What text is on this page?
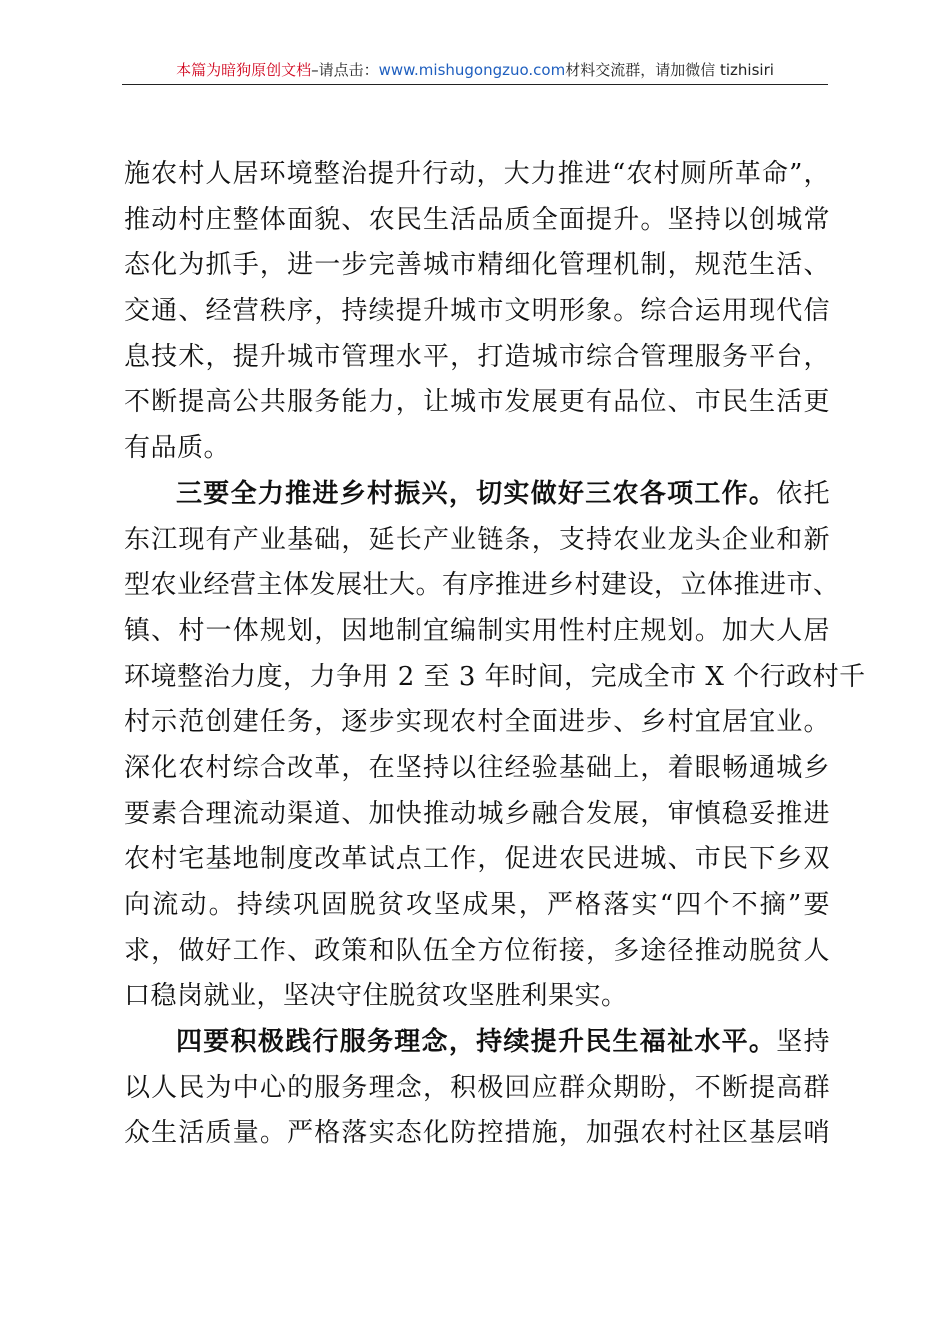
本篇为暗狗原创文档–请点击：www.mishugongzuo.com材料交流群，请加微信 tizhisiri
施农村人居环境整治提升行动，大力推进“农村厕所革命”，
推动村庄整体面貌、农民生活品质全面提升。坚持以创城常
态化为抓手，进一步完善城市精细化管理机制，规范生活、
交通、经营秩序，持续提升城市文明形象。综合运用现代信
息技术，提升城市管理水平，打造城市综合管理服务平台，
不断提高公共服务能力，让城市发展更有品位、市民生活更
有品质。
三要全力推进乡村振兴，切实做好三农各项工作。依托
东江现有产业基础，延长产业链条，支持农业龙头企业和新
型农业经营主体发展壮大。有序推进乡村建设，立体推进市、
镇、村一体规划，因地制宜编制实用性村庄规划。加大人居
环境整治力度，力争用 2 至 3 年时间，完成全市 X 个行政村千
村示范创建任务，逐步实现农村全面进步、乡村宜居宜业。
深化农村综合改革，在坚持以往经验基础上，着眼畅通城乡
要素合理流动渠道、加快推动城乡融合发展，审慎稳妥推进
农村宅基地制度改革试点工作，促进农民进城、市民下乡双
向流动。持续巩固脱贫攻坚成果，严格落实“四个不摘”要
求，做好工作、政策和队伍全方位衔接，多途径推动脱贫人
口稳岗就业，坚决守住脱贫攻坚胜利果实。
四要积极践行服务理念，持续提升民生福祉水平。坚持
以人民为中心的服务理念，积极回应群众期盼，不断提高群
众生活质量。严格落实态化防控措施，加强农村社区基层哨
